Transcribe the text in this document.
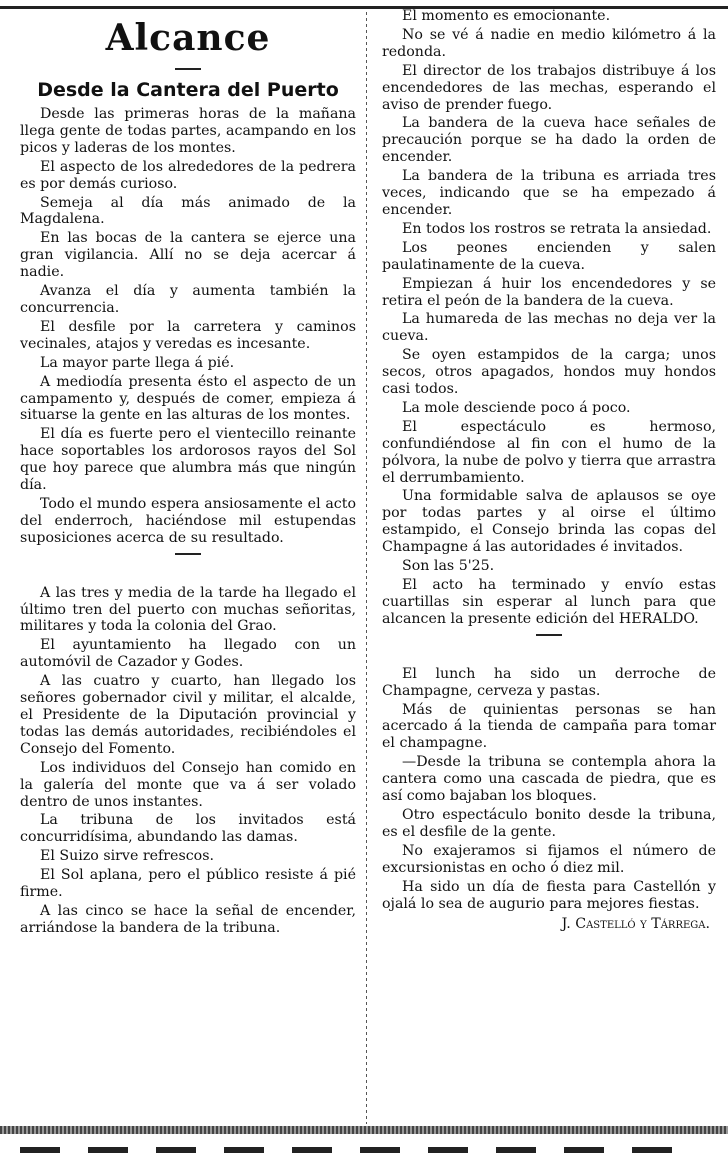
Alcance
Desde la Cantera del Puerto

Desde las primeras horas de la mañana llega gente de todas partes, acampando en los picos y laderas de los montes.

El aspecto de los alrededores de la pedrera es por demás curioso.

Semeja al día más animado de la Magdalena.

En las bocas de la cantera se ejerce una gran vigilancia. Allí no se deja acercar á nadie.

Avanza el día y aumenta también la concurrencia.

El desfile por la carretera y caminos vecinales, atajos y veredas es incesante.

La mayor parte llega á pié.

A mediodía presenta ésto el aspecto de un campamento y, después de comer, empieza á situarse la gente en las alturas de los montes.

El día es fuerte pero el vientecillo reinante hace soportables los ardorosos rayos del Sol que hoy parece que alumbra más que ningún día.

Todo el mundo espera ansiosamente el acto del enderroch, haciéndose mil estupendas suposiciones acerca de su resultado.

A las tres y media de la tarde ha llegado el último tren del puerto con muchas señoritas, militares y toda la colonia del Grao.

El ayuntamiento ha llegado con un automóvil de Cazador y Godes.

A las cuatro y cuarto, han llegado los señores gobernador civil y militar, el alcalde, el Presidente de la Diputación provincial y todas las demás autoridades, recibiéndoles el Consejo del Fomento.

Los individuos del Consejo han comido en la galería del monte que va á ser volado dentro de unos instantes.

La tribuna de los invitados está concurridísima, abundando las damas.

El Suizo sirve refrescos.

El Sol aplana, pero el público resiste á pié firme.

A las cinco se hace la señal de encender, arriándose la bandera de la tribuna.

El momento es emocionante.

No se vé á nadie en medio kilómetro á la redonda.

El director de los trabajos distribuye á los encendedores de las mechas, esperando el aviso de prender fuego.

La bandera de la cueva hace señales de precaución porque se ha dado la orden de encender.

La bandera de la tribuna es arriada tres veces, indicando que se ha empezado á encender.

En todos los rostros se retrata la ansiedad.

Los peones encienden y salen paulatinamente de la cueva.

Empiezan á huir los encendedores y se retira el peón de la bandera de la cueva.

La humareda de las mechas no deja ver la cueva.

Se oyen estampidos de la carga; unos secos, otros apagados, hondos muy hondos casi todos.

La mole desciende poco á poco.

El espectáculo es hermoso, confundiéndose al fin con el humo de la pólvora, la nube de polvo y tierra que arrastra el derrumbamiento.

Una formidable salva de aplausos se oye por todas partes y al oirse el último estampido, el Consejo brinda las copas del Champagne á las autoridades é invitados.

Son las 5'25.

El acto ha terminado y envío estas cuartillas sin esperar al lunch para que alcancen la presente edición del HERALDO.

El lunch ha sido un derroche de Champagne, cerveza y pastas.

Más de quinientas personas se han acercado á la tienda de campaña para tomar el champagne.

—Desde la tribuna se contempla ahora la cantera como una cascada de piedra, que es así como bajaban los bloques.

Otro espectáculo bonito desde la tribuna, es el desfile de la gente.

No exajeramos si fijamos el número de excursionistas en ocho ó diez mil.

Ha sido un día de fiesta para Castellón y ojalá lo sea de augurio para mejores fiestas.

J. Castelló y Tárrega.
